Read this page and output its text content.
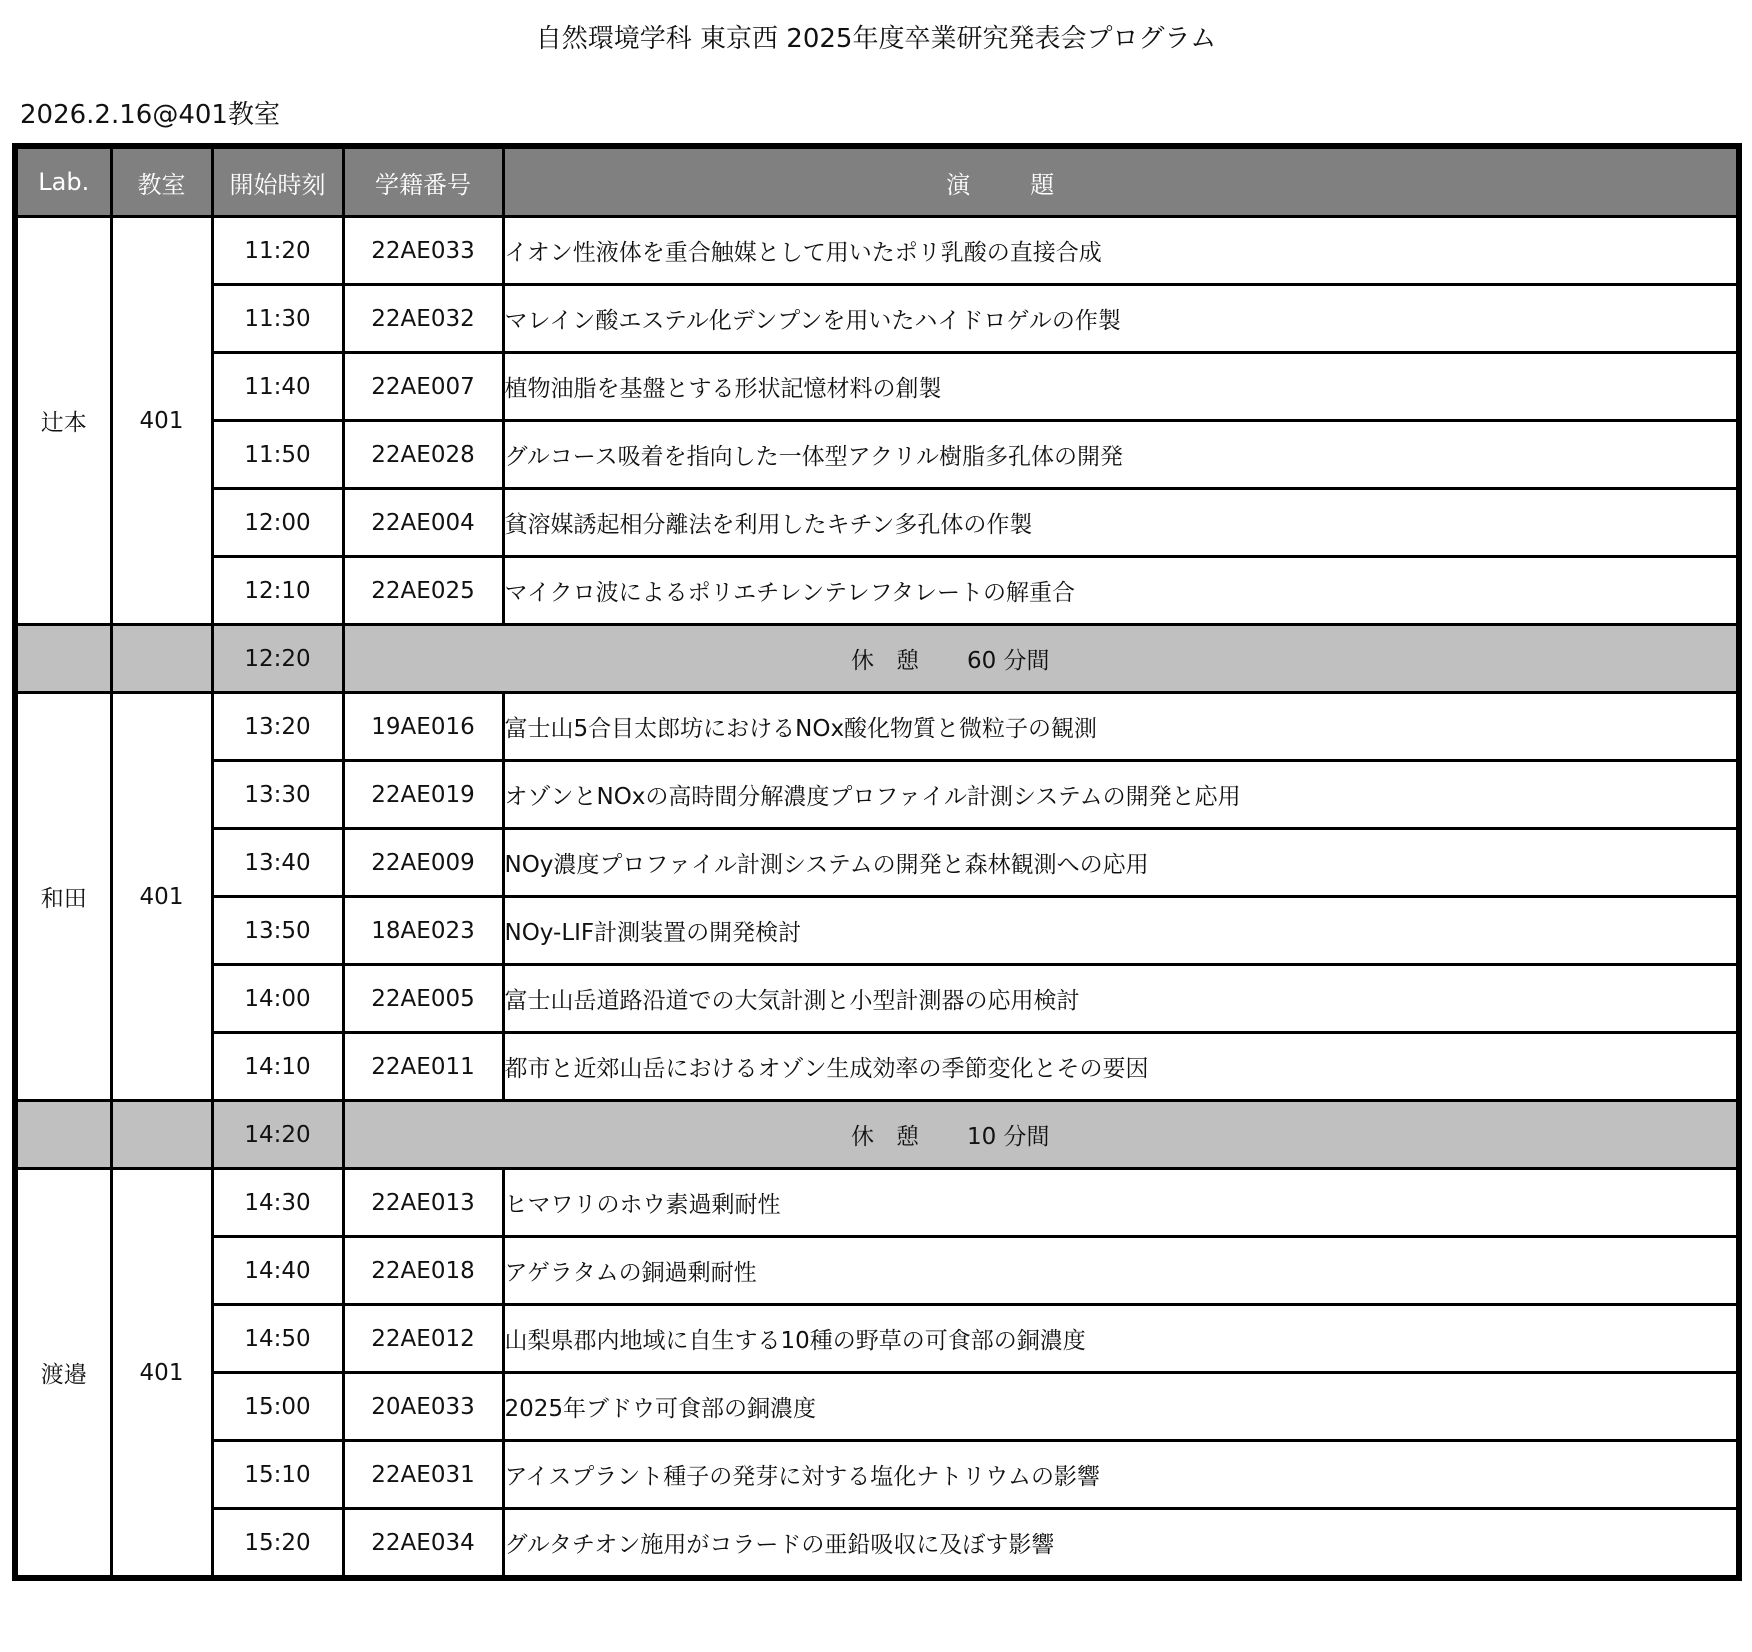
自然環境学科 東京西 2025年度卒業研究発表会プログラム
2026.2.16@401教室
Lab.	教室	開始時刻	学籍番号	演 題
辻本	401	11:20	22AE033	イオン性液体を重合触媒として用いたポリ乳酸の直接合成
		11:30	22AE032	マレイン酸エステル化デンプンを用いたハイドロゲルの作製
		11:40	22AE007	植物油脂を基盤とする形状記憶材料の創製
		11:50	22AE028	グルコース吸着を指向した一体型アクリル樹脂多孔体の開発
		12:00	22AE004	貧溶媒誘起相分離法を利用したキチン多孔体の作製
		12:10	22AE025	マイクロ波によるポリエチレンテレフタレートの解重合
		12:20	休 憩 60 分間	
和田	401	13:20	19AE016	富士山5合目太郎坊におけるNOx酸化物質と微粒子の観測
		13:30	22AE019	オゾンとNOxの高時間分解濃度プロファイル計測システムの開発と応用
		13:40	22AE009	NOy濃度プロファイル計測システムの開発と森林観測への応用
		13:50	18AE023	NOy-LIF計測装置の開発検討
		14:00	22AE005	富士山岳道路沿道での大気計測と小型計測器の応用検討
		14:10	22AE011	都市と近郊山岳におけるオゾン生成効率の季節変化とその要因
		14:20	休 憩 10 分間	
渡邉	401	14:30	22AE013	ヒマワリのホウ素過剰耐性
		14:40	22AE018	アゲラタムの銅過剰耐性
		14:50	22AE012	山梨県郡内地域に自生する10種の野草の可食部の銅濃度
		15:00	20AE033	2025年ブドウ可食部の銅濃度
		15:10	22AE031	アイスプラント種子の発芽に対する塩化ナトリウムの影響
		15:20	22AE034	グルタチオン施用がコラードの亜鉛吸収に及ぼす影響
